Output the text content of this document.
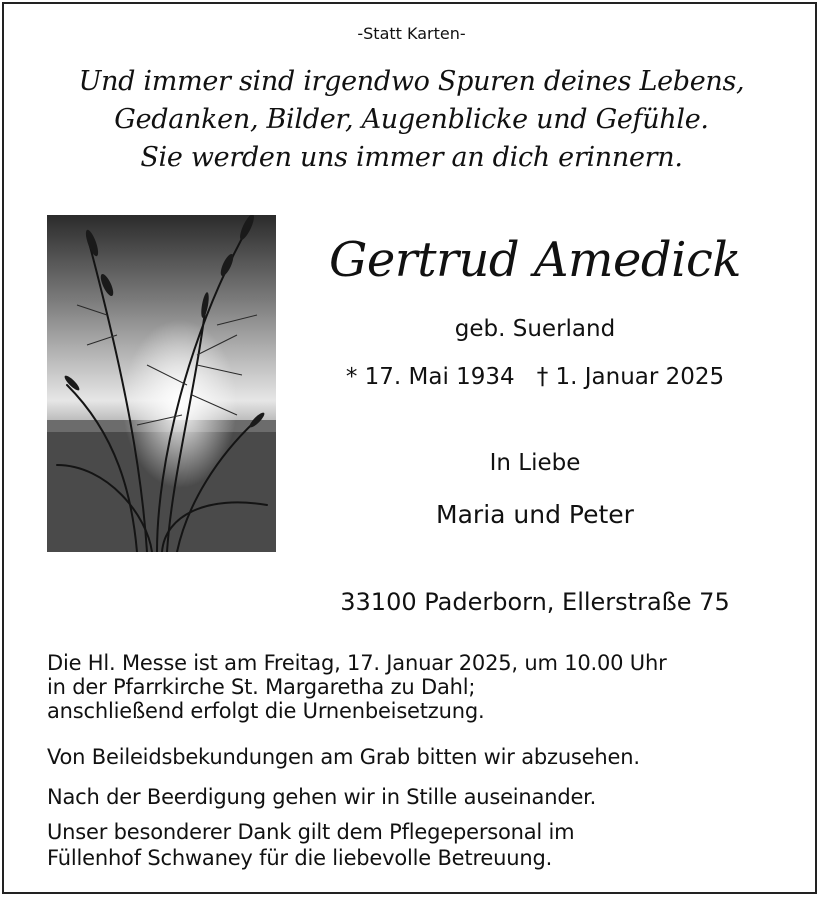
-Statt Karten-
Und immer sind irgendwo Spuren deines Lebens,
Gedanken, Bilder, Augenblicke und Gefühle.
Sie werden uns immer an dich erinnern.
Gertrud Amedick
geb. Suerland
* 17. Mai 1934 † 1. Januar 2025
In Liebe
Maria und Peter
33100 Paderborn, Ellerstraße 75
Die Hl. Messe ist am Freitag, 17. Januar 2025, um 10.00 Uhr
in der Pfarrkirche St. Margaretha zu Dahl;
anschließend erfolgt die Urnenbeisetzung.
Von Beileidsbekundungen am Grab bitten wir abzusehen.
Nach der Beerdigung gehen wir in Stille auseinander.
Unser besonderer Dank gilt dem Pflegepersonal im
Füllenhof Schwaney für die liebevolle Betreuung.
